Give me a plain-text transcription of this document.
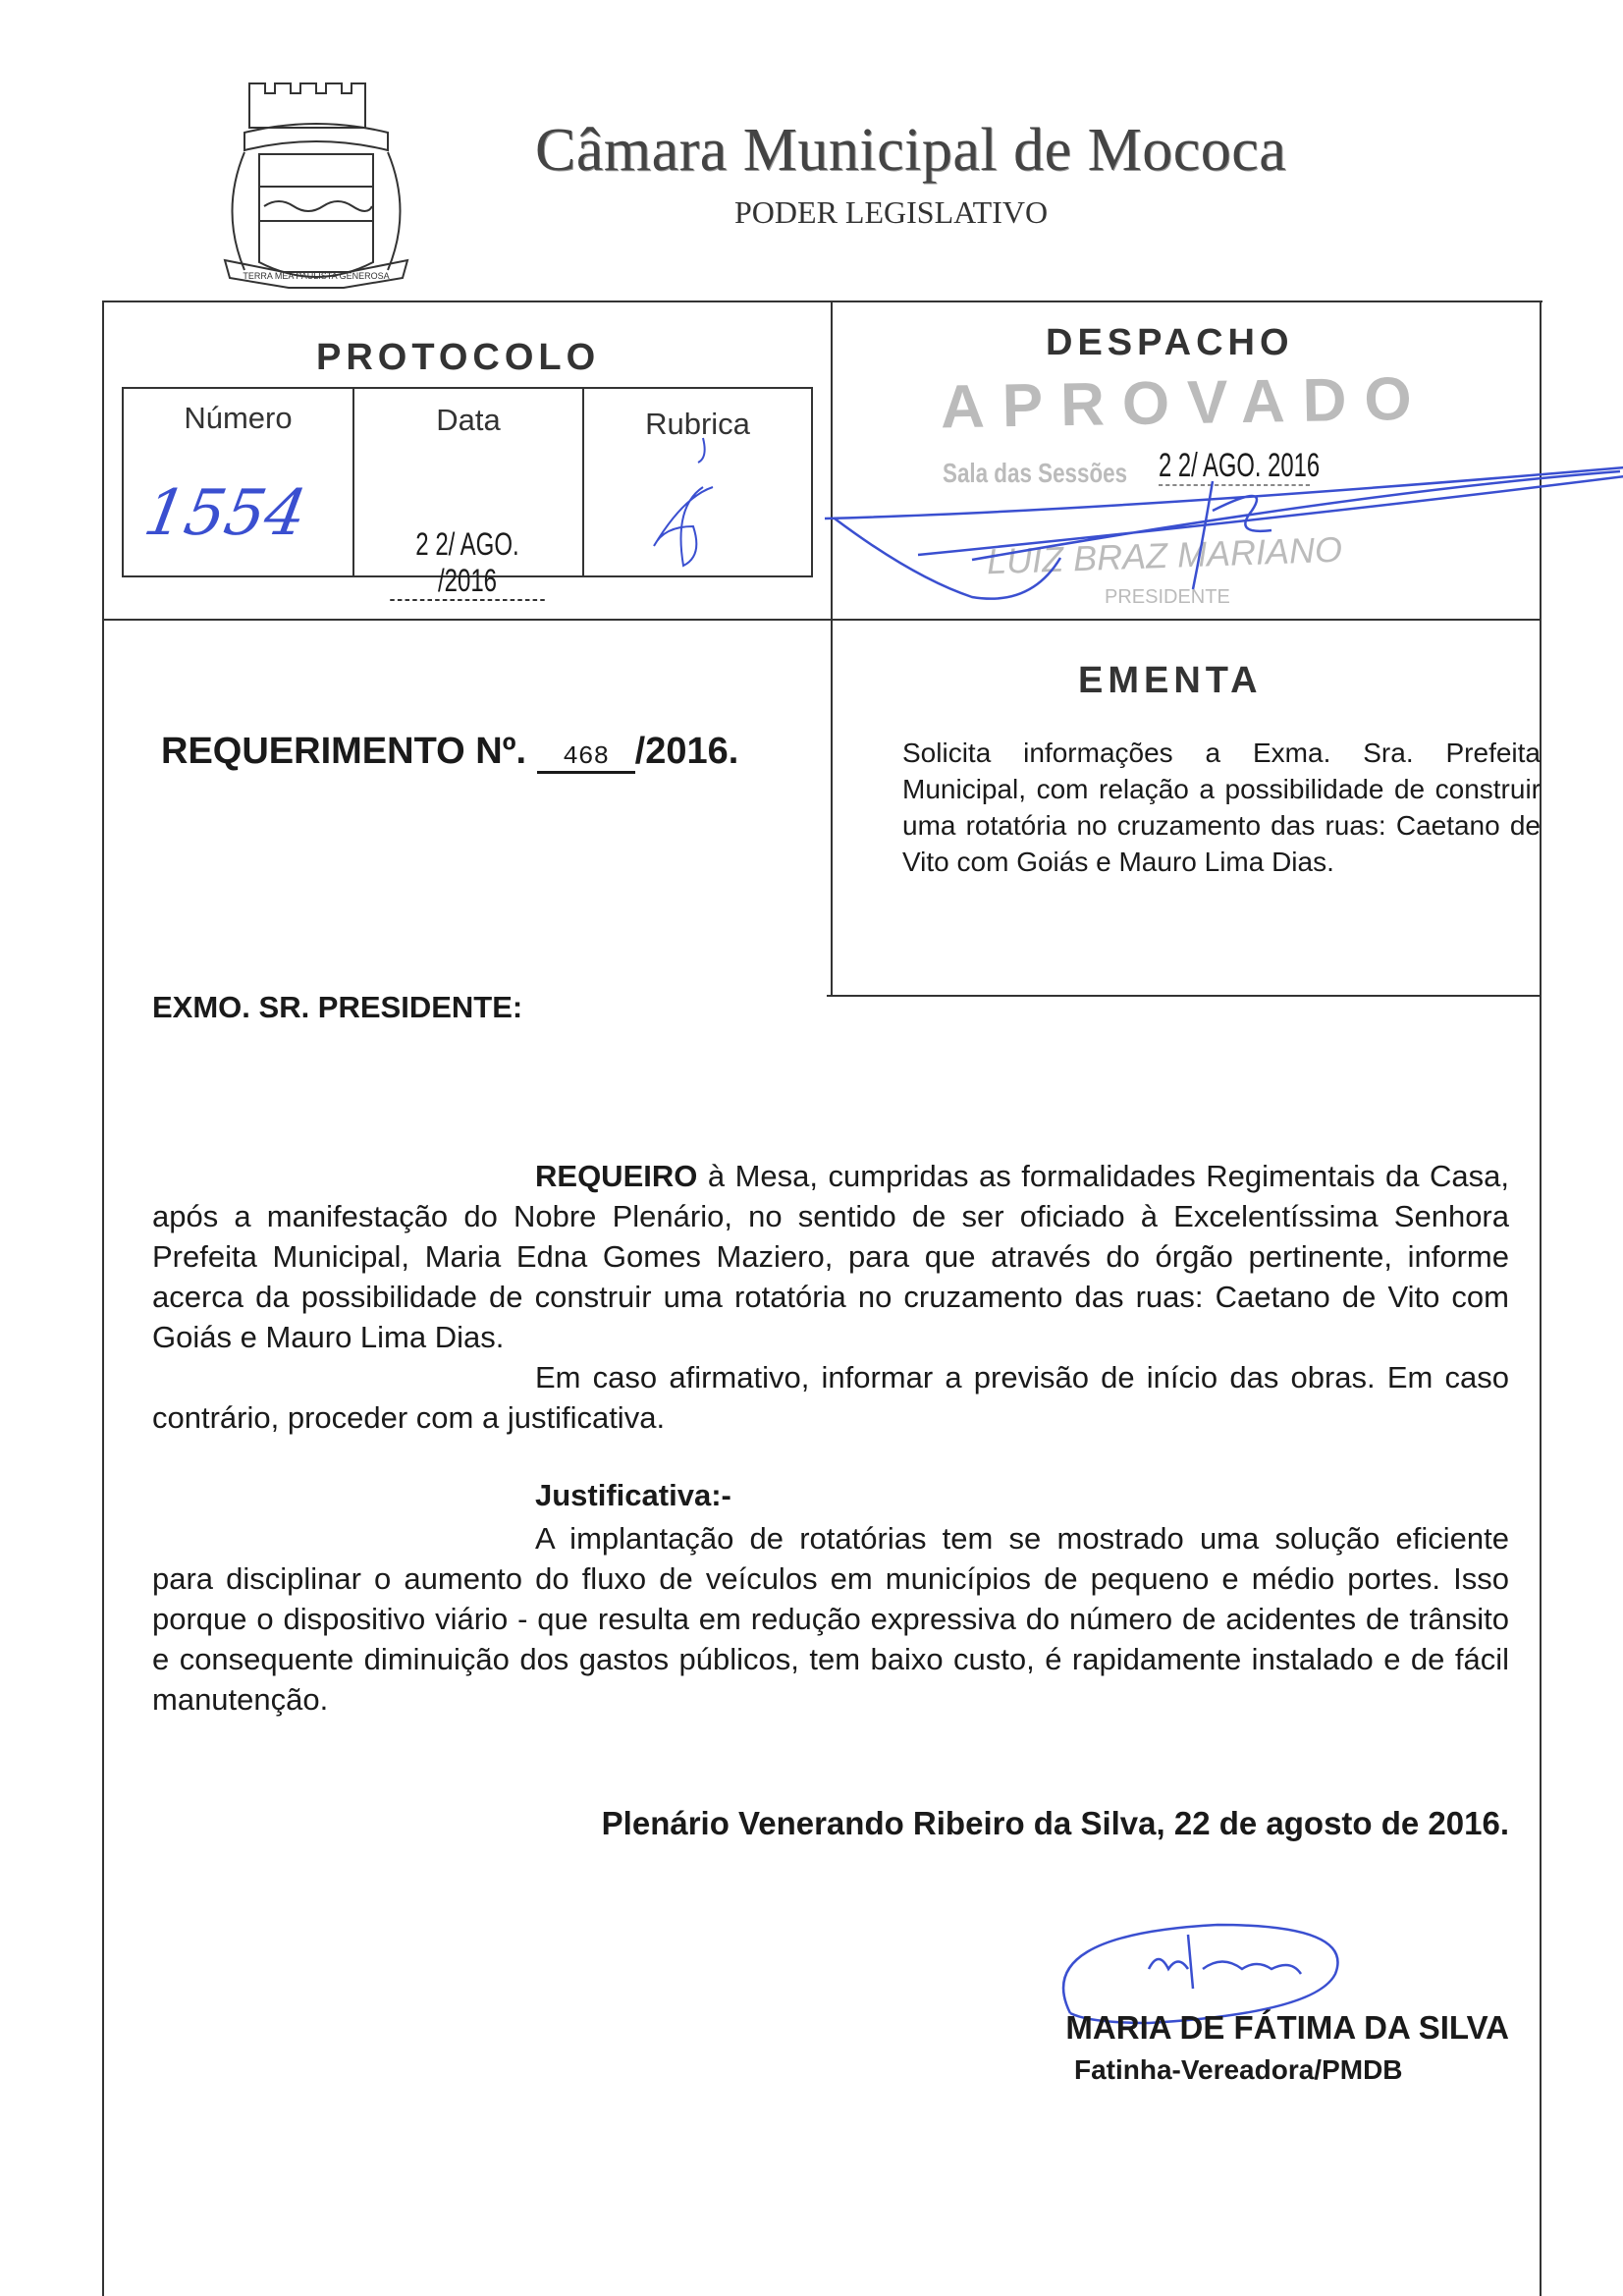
TERRA MEA PAULISTA GENEROSA
Câmara Municipal de Mococa
PODER LEGISLATIVO
PROTOCOLO
Número	Data	Rubrica
1554	2 2/ AGO. /2016
DESPACHO
APROVADO
Sala das Sessões 2 2/ AGO. 2016
LUIZ BRAZ MARIANO
PRESIDENTE
REQUERIMENTO Nº. 468 /2016.
EMENTA
Solicita informações a Exma. Sra. Prefeita Municipal, com relação a possibilidade de construir uma rotatória no cruzamento das ruas: Caetano de Vito com Goiás e Mauro Lima Dias.
EXMO. SR. PRESIDENTE:
REQUEIRO à Mesa, cumpridas as formalidades Regimentais da Casa, após a manifestação do Nobre Plenário, no sentido de ser oficiado à Excelentíssima Senhora Prefeita Municipal, Maria Edna Gomes Maziero, para que através do órgão pertinente, informe acerca da possibilidade de construir uma rotatória no cruzamento das ruas: Caetano de Vito com Goiás e Mauro Lima Dias.
Em caso afirmativo, informar a previsão de início das obras. Em caso contrário, proceder com a justificativa.
Justificativa:-
A implantação de rotatórias tem se mostrado uma solução eficiente para disciplinar o aumento do fluxo de veículos em municípios de pequeno e médio portes. Isso porque o dispositivo viário - que resulta em redução expressiva do número de acidentes de trânsito e consequente diminuição dos gastos públicos, tem baixo custo, é rapidamente instalado e de fácil manutenção.
Plenário Venerando Ribeiro da Silva, 22 de agosto de 2016.
MARIA DE FÁTIMA DA SILVA
Fatinha-Vereadora/PMDB
